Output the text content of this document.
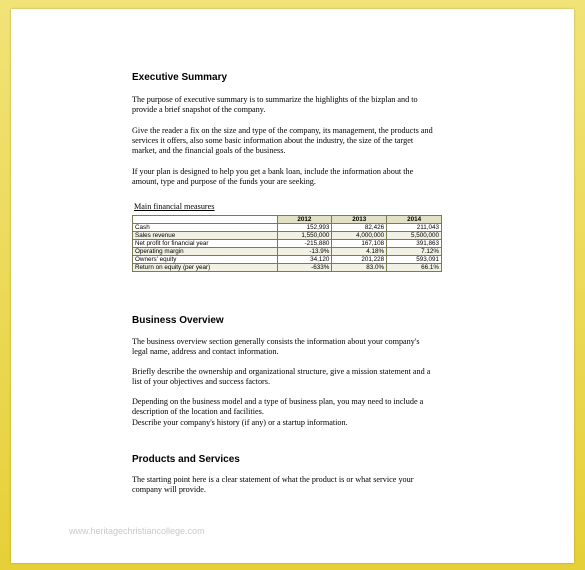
Executive Summary

The purpose of executive summary is to summarize the highlights of the bizplan and to provide a brief snapshot of the company.

Give the reader a fix on the size and type of the company, its management, the products and services it offers, also some basic information about the industry, the size of the target market, and the financial goals of the business.

If your plan is designed to help you get a bank loan, include the information about the amount, type and purpose of the funds your are seeking.

Main financial measures
	2012	2013	2014
Cash	152,993	82,426	211,043
Sales revenue	1,550,000	4,000,000	5,500,000
Net profit for financial year	-215,880	167,108	391,863
Operating margin	-13.9%	4.18%	7.12%
Owners' equity	34,120	201,228	593,091
Return on equity (per year)	-633%	83.0%	66.1%
Business Overview

The business overview section generally consists the information about your company's legal name, address and contact information.

Briefly describe the ownership and organizational structure, give a mission statement and a list of your objectives and success factors.

Depending on the business model and a type of business plan, you may need to include a description of the location and facilities.

Describe your company's history (if any) or a startup information.

Products and Services

The starting point here is a clear statement of what the product is or what service your company will provide.

www.heritagechristiancollege.com
